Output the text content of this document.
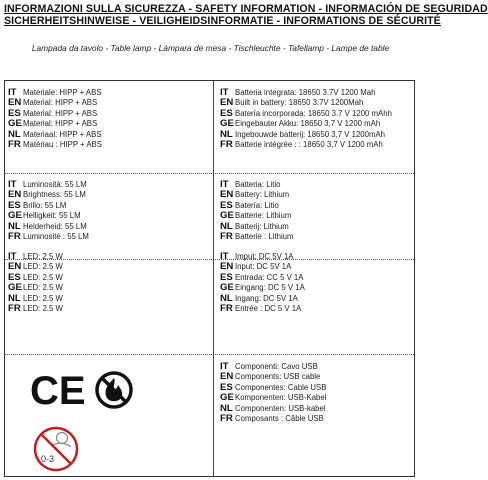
INFORMAZIONI SULLA SICUREZZA - SAFETY INFORMATION - INFORMACIÓN DE SEGURIDAD
SICHERHEITSHINWEISE - VEILIGHEIDSINFORMATIE - INFORMATIONS DE SÉCURITÉ
Lampada da tavolo - Table lamp - Lámpara de mesa - Tischleuchte - Tafellamp - Lampe de table
IT Materiale: HIPP + ABS
EN Material: HIPP + ABS
ES Material: HIPP + ABS
GE Material: HIPP + ABS
NL Materiaal: HIPP + ABS
FR Matériau : HIPP + ABS
IT Batteria integrata: 18650 3.7V 1200 Mah
EN Built in battery: 18650 3.7V 1200Mah
ES Batería incorporada: 18650 3.7 V 1200 mAhh
GE Eingebauter Akku: 18650 3,7 V 1200 mAh
NL Ingebouwde batterij: 18650 3,7 V 1200mAh
FR Batterie intégrée : : 18650 3,7 V 1200 mAh
IT Luminosità: 55 LM
EN Brightness: 55 LM
ES Brillo: 55 LM
GE Helligkeit: 55 LM
NL Helderheid: 55 LM
FR Luminosité : 55 LM
IT Batteria: Litio
EN Battery: Lithium
ES Batería: Litio
GE Batterie: Lithium
NL Batterij: Lithium
FR Batterie : Lithium
IT LED: 2.5 W
EN LED: 2.5 W
ES LED: 2.5 W
GE LED: 2.5 W
NL LED: 2.5 W
FR LED: 2.5 W
IT Imput: DC 5V 1A
EN Input: DC 5V 1A
ES Entrada: CC 5 V 1A
GE Eingang: DC 5 V 1A
NL Ingang: DC 5V 1A
FR Entrée : DC 5 V 1A
IT Componenti: Cavo USB
EN Components: USB cable
ES Componentes: Cable USB
GE Komponenten: USB-Kabel
NL Componenten: USB-kabel
FR Composants : Câble USB
CE
0-3
